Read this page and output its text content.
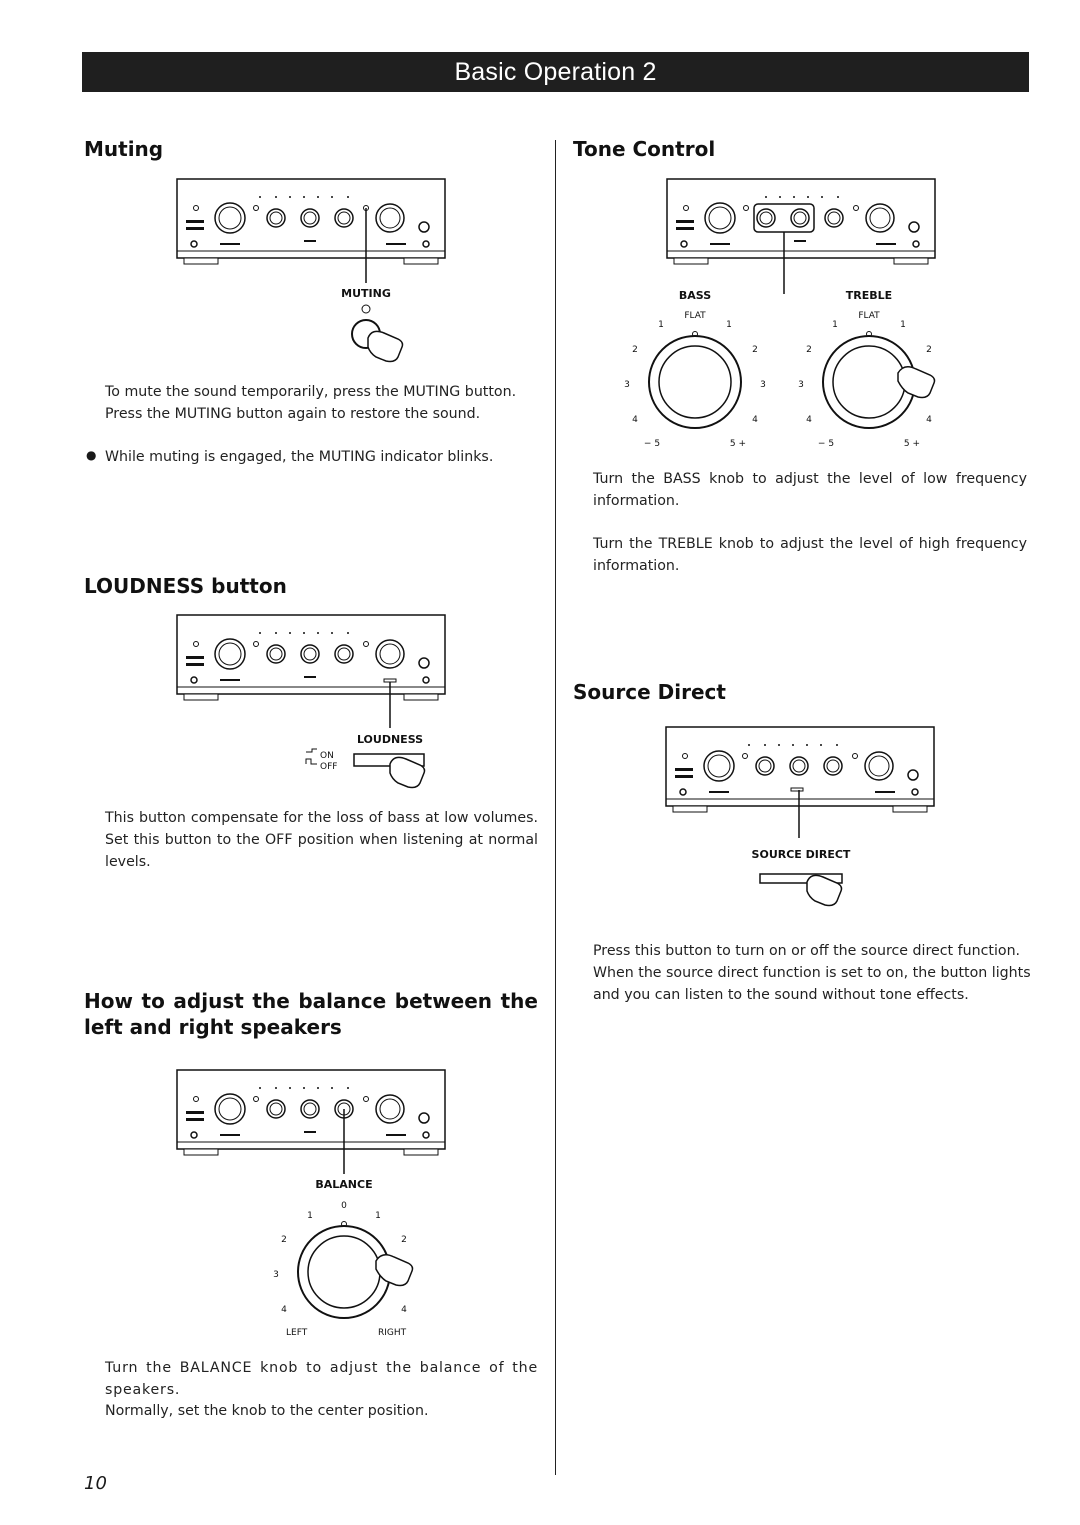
Basic Operation 2
Muting
MUTING
To mute the sound temporarily, press the MUTING button.
Press the MUTING button again to restore the sound.
● While muting is engaged, the MUTING indicator blinks.
LOUDNESS button
LOUDNESS
ON
OFF
This button compensate for the loss of bass at low volumes. Set this button to the OFF position when listening at normal levels.
How to adjust the balance between the left and right speakers
BALANCE
0
1	1
2	2
3
4	4
LEFT	RIGHT
Turn the BALANCE knob to adjust the balance of the speakers.
Normally, set the knob to the center position.
Tone Control
BASS	TREBLE
FLAT
1	1
2	2
3	3
4	4
− 5	5 +
FLAT
1	1
2	2
3
4	4
− 5	5 +
Turn the BASS knob to adjust the level of low frequency information.
Turn the TREBLE knob to adjust the level of high frequency information.
Source Direct
SOURCE DIRECT
Press this button to turn on or off the source direct function.
When the source direct function is set to on, the button lights
and you can listen to the sound without tone effects.
10
